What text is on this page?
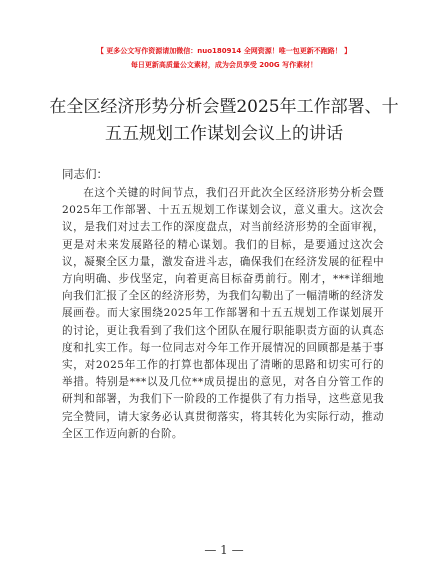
【 更多公文写作资源请加微信：nuo180914 全网资源！唯一包更新不跑路！ 】
每日更新高质量公文素材，成为会员享受 200G 写作素材！
在全区经济形势分析会暨2025年工作部署、十
五五规划工作谋划会议上的讲话
同志们：

在这个关键的时间节点，我们召开此次全区经济形势分析会暨2025年工作部署、十五五规划工作谋划会议，意义重大。这次会议，是我们对过去工作的深度盘点，对当前经济形势的全面审视，更是对未来发展路径的精心谋划。我们的目标，是要通过这次会议，凝聚全区力量，激发奋进斗志，确保我们在经济发展的征程中方向明确、步伐坚定，向着更高目标奋勇前行。刚才，***详细地向我们汇报了全区的经济形势，为我们勾勒出了一幅清晰的经济发展画卷。而大家围绕2025年工作部署和十五五规划工作谋划展开的讨论，更让我看到了我们这个团队在履行职能职责方面的认真态度和扎实工作。每一位同志对今年工作开展情况的回顾都是基于事实，对2025年工作的打算也都体现出了清晰的思路和切实可行的举措。特别是***以及几位**成员提出的意见，对各自分管工作的研判和部署，为我们下一阶段的工作提供了有力指导，这些意见我完全赞同，请大家务必认真贯彻落实，将其转化为实际行动，推动全区工作迈向新的台阶。

— 1 —
